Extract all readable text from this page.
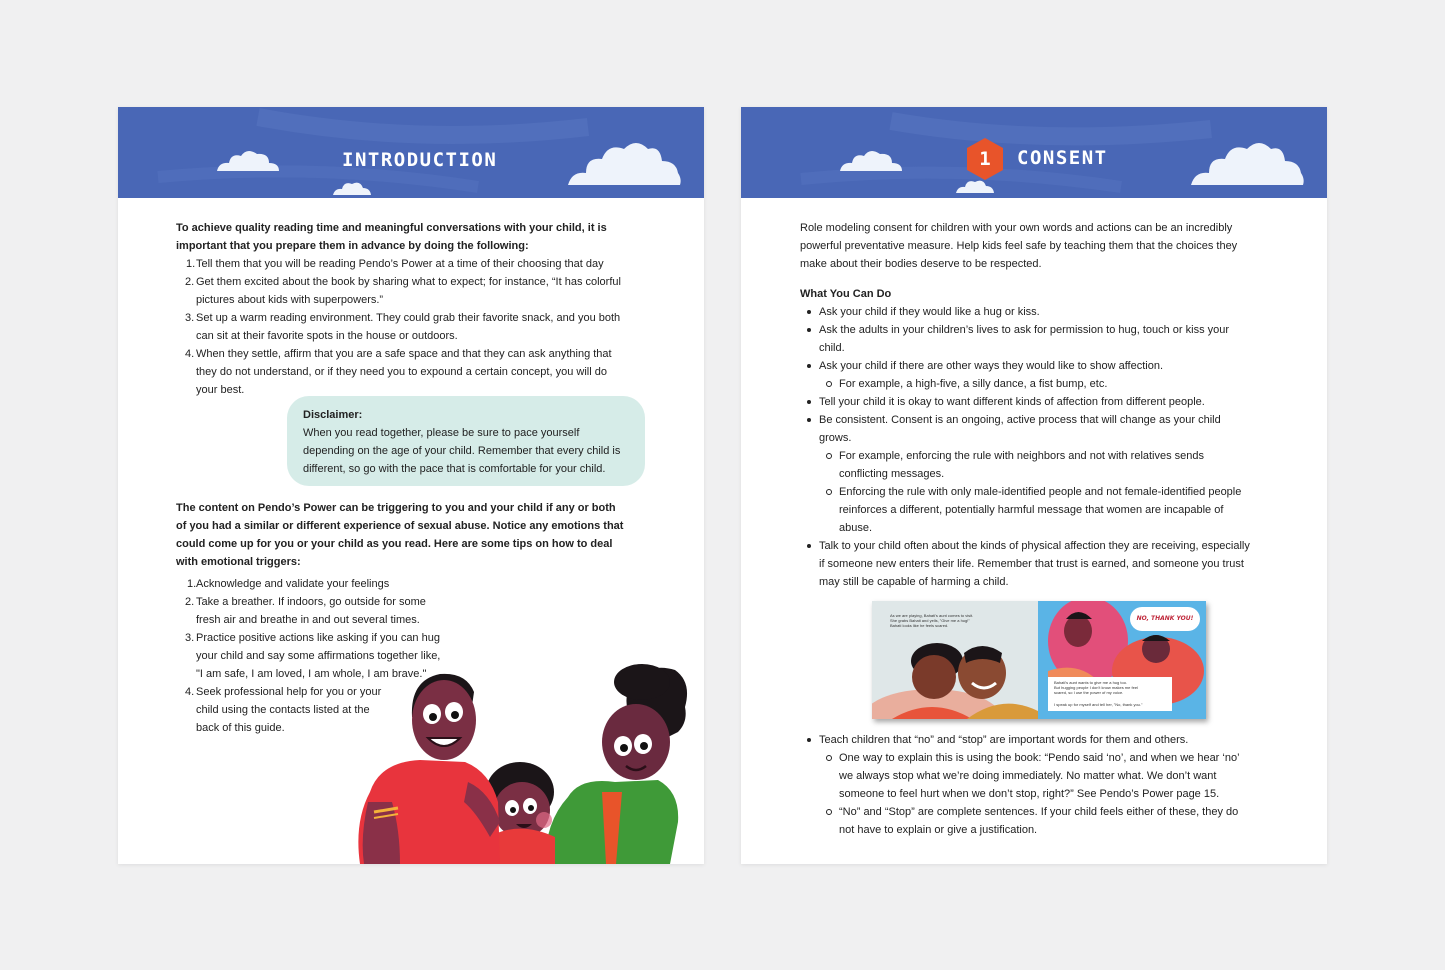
INTRODUCTION
To achieve quality reading time and meaningful conversations with your child, it is
important that you prepare them in advance by doing the following:
1. Tell them that you will be reading Pendo’s Power at a time of their choosing that day
2. Get them excited about the book by sharing what to expect; for instance, “It has colorful
pictures about kids with superpowers.”
3. Set up a warm reading environment. They could grab their favorite snack, and you both
can sit at their favorite spots in the house or outdoors.
4. When they settle, affirm that you are a safe space and that they can ask anything that
they do not understand, or if they need you to expound a certain concept, you will do
your best.
Disclaimer:
When you read together, please be sure to pace yourself
depending on the age of your child. Remember that every child is
different, so go with the pace that is comfortable for your child.
The content on Pendo’s Power can be triggering to you and your child if any or both
of you had a similar or different experience of sexual abuse. Notice any emotions that
could come up for you or your child as you read. Here are some tips on how to deal
with emotional triggers:
1. Acknowledge and validate your feelings
2. Take a breather. If indoors, go outside for some
fresh air and breathe in and out several times.
3. Practice positive actions like asking if you can hug
your child and say some affirmations together like,
"I am safe, I am loved, I am whole, I am brave."
4. Seek professional help for you or your
child using the contacts listed at the
back of this guide.
1	CONSENT
Role modeling consent for children with your own words and actions can be an incredibly
powerful preventative measure. Help kids feel safe by teaching them that the choices they
make about their bodies deserve to be respected.
What You Can Do
Ask your child if they would like a hug or kiss.
Ask the adults in your children’s lives to ask for permission to hug, touch or kiss your
child.
Ask your child if there are other ways they would like to show affection.
For example, a high-five, a silly dance, a fist bump, etc.
Tell your child it is okay to want different kinds of affection from different people.
Be consistent. Consent is an ongoing, active process that will change as your child
grows.
For example, enforcing the rule with neighbors and not with relatives sends
conflicting messages.
Enforcing the rule with only male-identified people and not female-identified people
reinforces a different, potentially harmful message that women are incapable of
abuse.
Talk to your child often about the kinds of physical affection they are receiving, especially
if someone new enters their life. Remember that trust is earned, and someone you trust
may still be capable of harming a child.
As we are playing, Bahati's aunt comes to visit.
She grabs Bahati and yells, "Give me a hug!"
Bahati looks like he feels scared.
NO, THANK YOU!
Bahati's aunt wants to give me a hug too.
But hugging people I don't know makes me feel
scared, so I use the power of my voice.
I speak up for myself and tell her, "No, thank you."
Teach children that “no” and “stop” are important words for them and others.
One way to explain this is using the book: “Pendo said ‘no’, and when we hear ‘no’
we always stop what we’re doing immediately. No matter what. We don’t want
someone to feel hurt when we don’t stop, right?” See Pendo’s Power page 15.
“No” and “Stop” are complete sentences. If your child feels either of these, they do
not have to explain or give a justification.
